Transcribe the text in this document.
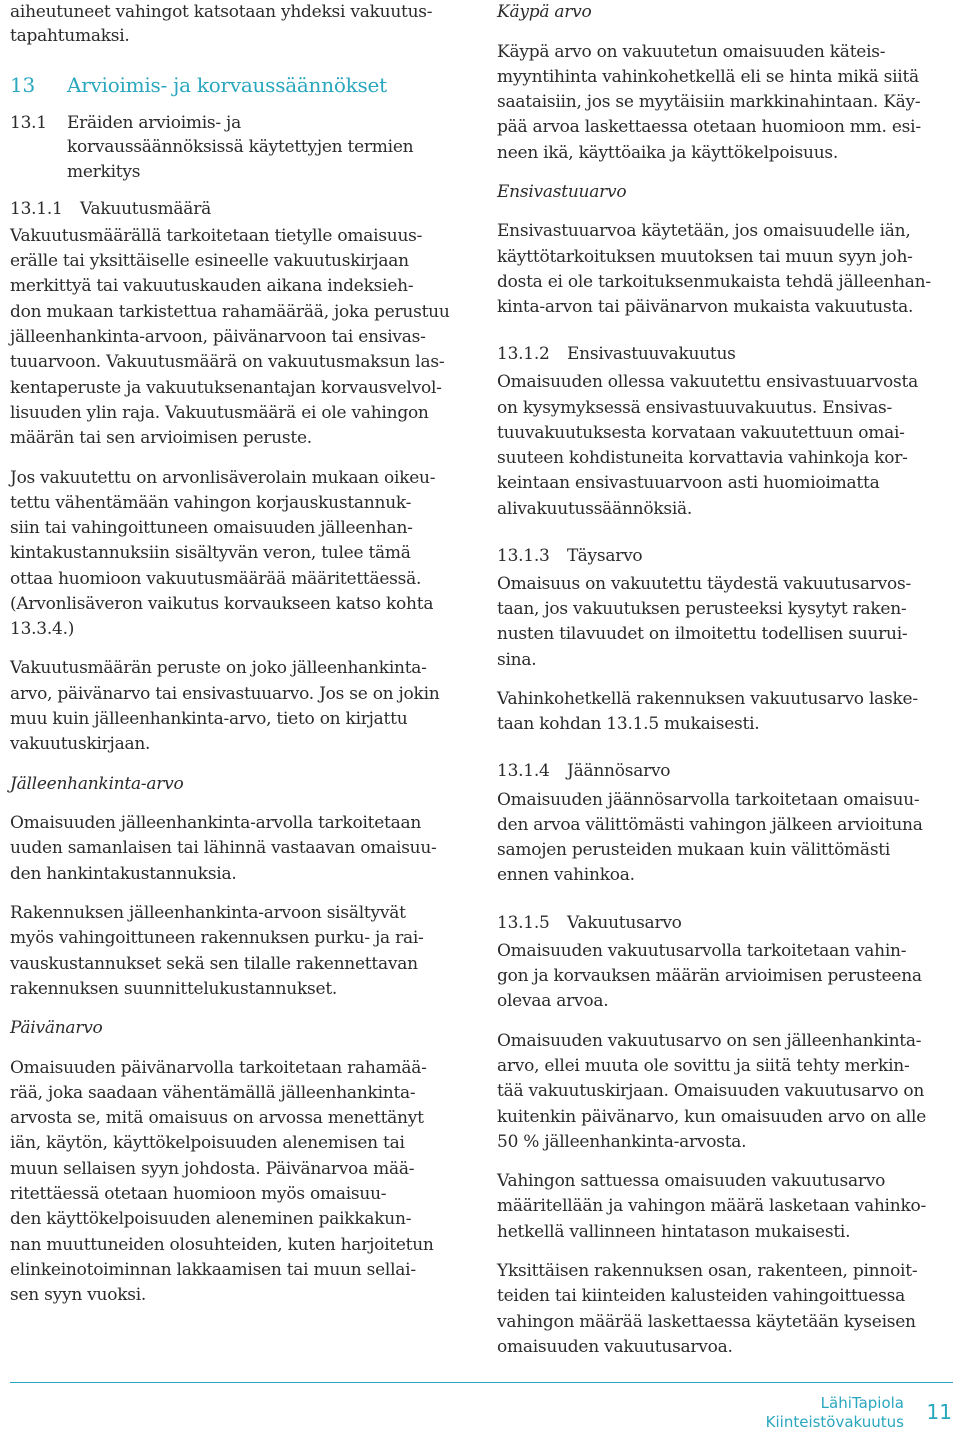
aiheutuneet vahingot katsotaan yhdeksi vakuutus-
tapahtumaksi.
13 Arvioimis- ja korvaussäännökset
13.1 Eräiden arvioimis- ja
korvaussäännöksissä käytettyjen termien
merkitys
13.1.1 Vakuutusmäärä
Vakuutusmäärällä tarkoitetaan tietylle omaisuus-
erälle tai yksittäiselle esineelle vakuutuskirjaan
merkittyä tai vakuutuskauden aikana indeksieh-
don mukaan tarkistettua rahamäärää, joka perustuu
jälleenhankinta-arvoon, päivänarvoon tai ensivas-
tuuarvoon. Vakuutusmäärä on vakuutusmaksun las-
kentaperuste ja vakuutuksenantajan korvausvelvol-
lisuuden ylin raja. Vakuutusmäärä ei ole vahingon
määrän tai sen arvioimisen peruste.
Jos vakuutettu on arvonlisäverolain mukaan oikeu-
tettu vähentämään vahingon korjauskustannuk-
siin tai vahingoittuneen omaisuuden jälleenhan-
kintakustannuksiin sisältyvän veron, tulee tämä
ottaa huomioon vakuutusmäärää määritettäessä.
(Arvonlisäveron vaikutus korvaukseen katso kohta
13.3.4.)
Vakuutusmäärän peruste on joko jälleenhankinta-
arvo, päivänarvo tai ensivastuuarvo. Jos se on jokin
muu kuin jälleenhankinta-arvo, tieto on kirjattu
vakuutuskirjaan.
Jälleenhankinta-arvo
Omaisuuden jälleenhankinta-arvolla tarkoitetaan
uuden samanlaisen tai lähinnä vastaavan omaisuu-
den hankintakustannuksia.
Rakennuksen jälleenhankinta-arvoon sisältyvät
myös vahingoittuneen rakennuksen purku- ja rai-
vauskustannukset sekä sen tilalle rakennettavan
rakennuksen suunnittelukustannukset.
Päivänarvo
Omaisuuden päivänarvolla tarkoitetaan rahamää-
rää, joka saadaan vähentämällä jälleenhankinta-
arvosta se, mitä omaisuus on arvossa menettänyt
iän, käytön, käyttökelpoisuuden alenemisen tai
muun sellaisen syyn johdosta. Päivänarvoa mää-
ritettäessä otetaan huomioon myös omaisuu-
den käyttökelpoisuuden aleneminen paikkakun-
nan muuttuneiden olosuhteiden, kuten harjoitetun
elinkeinotoiminnan lakkaamisen tai muun sellai-
sen syyn vuoksi.
Käypä arvo
Käypä arvo on vakuutetun omaisuuden käteis-
myyntihinta vahinkohetkellä eli se hinta mikä siitä
saataisiin, jos se myytäisiin markkinahintaan. Käy-
pää arvoa laskettaessa otetaan huomioon mm. esi-
neen ikä, käyttöaika ja käyttökelpoisuus.
Ensivastuuarvo
Ensivastuuarvoa käytetään, jos omaisuudelle iän,
käyttötarkoituksen muutoksen tai muun syyn joh-
dosta ei ole tarkoituksenmukaista tehdä jälleenhan-
kinta-arvon tai päivänarvon mukaista vakuutusta.
13.1.2 Ensivastuuvakuutus
Omaisuuden ollessa vakuutettu ensivastuuarvosta
on kysymyksessä ensivastuuvakuutus. Ensivas-
tuuvakuutuksesta korvataan vakuutettuun omai-
suuteen kohdistuneita korvattavia vahinkoja kor-
keintaan ensivastuuarvoon asti huomioimatta
alivakuutussäännöksiä.
13.1.3 Täysarvo
Omaisuus on vakuutettu täydestä vakuutusarvos-
taan, jos vakuutuksen perusteeksi kysytyt raken-
nusten tilavuudet on ilmoitettu todellisen suurui-
sina.
Vahinkohetkellä rakennuksen vakuutusarvo laske-
taan kohdan 13.1.5 mukaisesti.
13.1.4 Jäännösarvo
Omaisuuden jäännösarvolla tarkoitetaan omaisuu-
den arvoa välittömästi vahingon jälkeen arvioituna
samojen perusteiden mukaan kuin välittömästi
ennen vahinkoa.
13.1.5 Vakuutusarvo
Omaisuuden vakuutusarvolla tarkoitetaan vahin-
gon ja korvauksen määrän arvioimisen perusteena
olevaa arvoa.
Omaisuuden vakuutusarvo on sen jälleenhankinta-
arvo, ellei muuta ole sovittu ja siitä tehty merkin-
tää vakuutuskirjaan. Omaisuuden vakuutusarvo on
kuitenkin päivänarvo, kun omaisuuden arvo on alle
50 % jälleenhankinta-arvosta.
Vahingon sattuessa omaisuuden vakuutusarvo
määritellään ja vahingon määrä lasketaan vahinko-
hetkellä vallinneen hintatason mukaisesti.
Yksittäisen rakennuksen osan, rakenteen, pinnoit-
teiden tai kiinteiden kalusteiden vahingoittuessa
vahingon määrää laskettaessa käytetään kyseisen
omaisuuden vakuutusarvoa.
LähiTapiola
Kiinteistövakuutus 11
